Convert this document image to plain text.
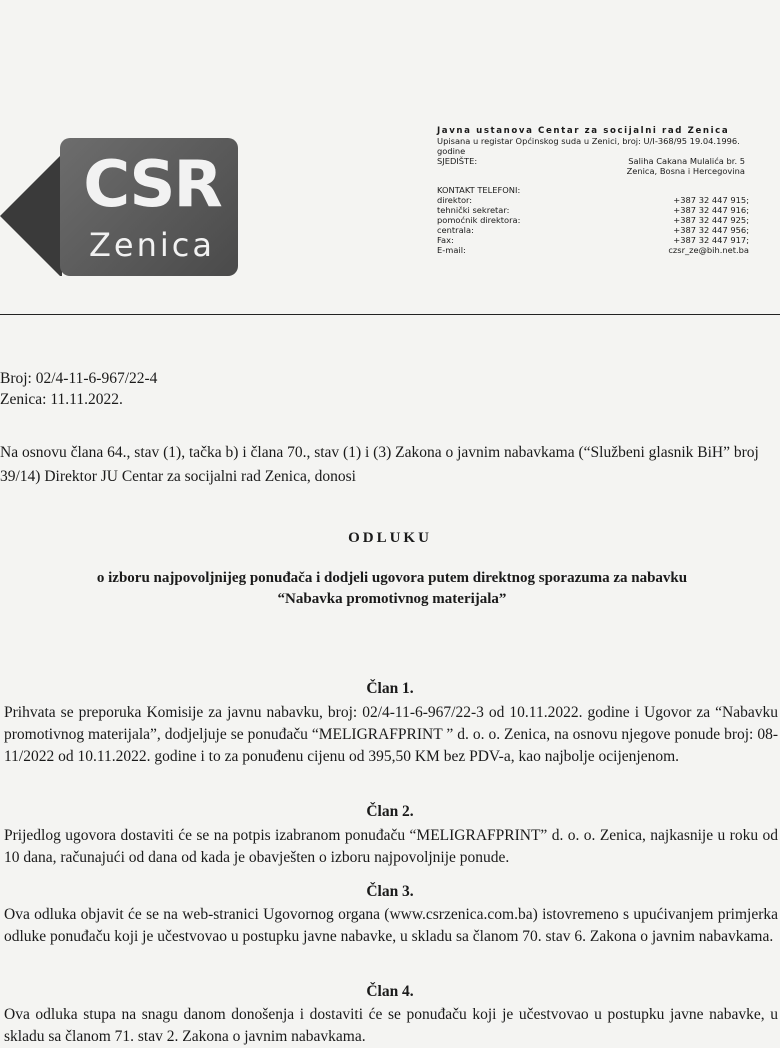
CSR
Zenica
Javna ustanova Centar za socijalni rad Zenica
Upisana u registar Općinskog suda u Zenici, broj: U/I-368/95 19.04.1996. godine
SJEDIŠTE:	Saliha Cakana Mulalića br. 5
Zenica, Bosna i Hercegovina
KONTAKT TELEFONI:
direktor:	+387 32 447 915;
tehnički sekretar:	+387 32 447 916;
pomoćnik direktora:	+387 32 447 925;
centrala:	+387 32 447 956;
Fax:	+387 32 447 917;
E-mail:	czsr_ze@bih.net.ba
Broj: 02/4-11-6-967/22-4
Zenica: 11.11.2022.
Na osnovu člana 64., stav (1), tačka b) i člana 70., stav (1) i (3) Zakona o javnim nabavkama (“Službeni glasnik BiH” broj 39/14) Direktor JU Centar za socijalni rad Zenica, donosi
ODLUKU
o izboru najpovoljnijeg ponuđača i dodjeli ugovora putem direktnog sporazuma za nabavku
“Nabavka promotivnog materijala”
Član 1.
Prihvata se preporuka Komisije za javnu nabavku, broj: 02/4-11-6-967/22-3 od 10.11.2022. godine i Ugovor za “Nabavku promotivnog materijala”, dodjeljuje se ponuđaču “MELIGRAFPRINT ” d. o. o. Zenica, na osnovu njegove ponude broj: 08-11/2022 od 10.11.2022. godine i to za ponuđenu cijenu od 395,50 KM bez PDV-a, kao najbolje ocijenjenom.
Član 2.
Prijedlog ugovora dostaviti će se na potpis izabranom ponuđaču “MELIGRAFPRINT” d. o. o. Zenica, najkasnije u roku od 10 dana, računajući od dana od kada je obavješten o izboru najpovoljnije ponude.
Član 3.
Ova odluka objavit će se na web-stranici Ugovornog organa (www.csrzenica.com.ba) istovremeno s upućivanjem primjerka odluke ponuđaču koji je učestvovao u postupku javne nabavke, u skladu sa članom 70. stav 6. Zakona o javnim nabavkama.
Član 4.
Ova odluka stupa na snagu danom donošenja i dostaviti će se ponuđaču koji je učestvovao u postupku javne nabavke, u skladu sa članom 71. stav 2. Zakona o javnim nabavkama.
